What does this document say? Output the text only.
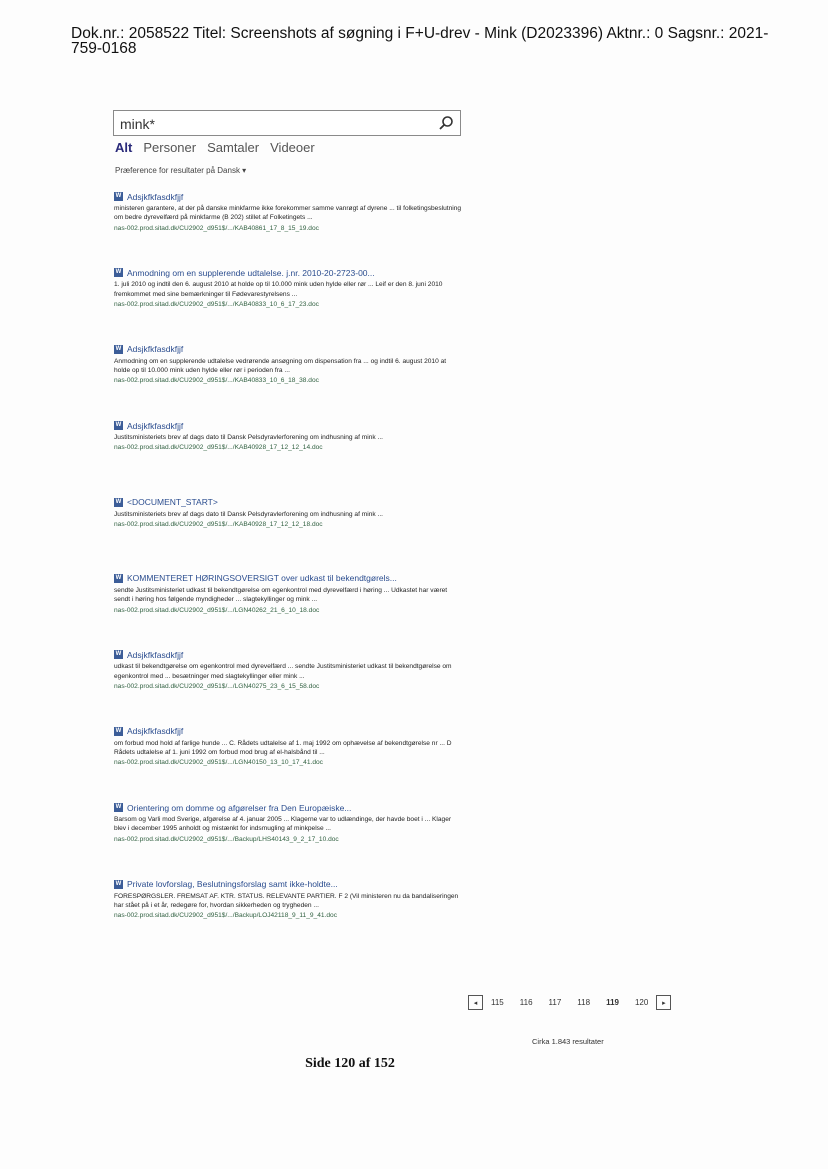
Dok.nr.: 2058522 Titel: Screenshots af søgning i F+U-drev - Mink (D2023396) Aktnr.: 0 Sagsnr.: 2021-759-0168
mink*
Alt Personer Samtaler Videoer
Præference for resultater på Dansk ▾
W Adsjkfkfasdkfjjf
ministeren garantere, at der på danske minkfarme ikke forekommer samme vanrøgt af dyrene ... til folketingsbeslutning om bedre dyrevelfærd på minkfarme (B 202) stillet af Folketingets ...
nas-002.prod.sitad.dk/CU2902_d951$/.../KAB40861_17_8_15_19.doc
W Anmodning om en supplerende udtalelse. j.nr. 2010-20-2723-00...
1. juli 2010 og indtil den 6. august 2010 at holde op til 10.000 mink uden hylde eller rør ... Leif er den 8. juni 2010 fremkommet med sine bemærkninger til Fødevarestyrelsens ...
nas-002.prod.sitad.dk/CU2902_d951$/.../KAB40833_10_6_17_23.doc
W Adsjkfkfasdkfjjf
Anmodning om en supplerende udtalelse vedrørende ansøgning om dispensation fra ... og indtil 6. august 2010 at holde op til 10.000 mink uden hylde eller rør i perioden fra ...
nas-002.prod.sitad.dk/CU2902_d951$/.../KAB40833_10_6_18_38.doc
W Adsjkfkfasdkfjjf
Justitsministeriets brev af dags dato til Dansk Pelsdyravlerforening om indhusning af mink ...
nas-002.prod.sitad.dk/CU2902_d951$/.../KAB40928_17_12_12_14.doc
W <DOCUMENT_START>
Justitsministeriets brev af dags dato til Dansk Pelsdyravlerforening om indhusning af mink ...
nas-002.prod.sitad.dk/CU2902_d951$/.../KAB40928_17_12_12_18.doc
W KOMMENTERET HØRINGSOVERSIGT over udkast til bekendtgørels...
sendte Justitsministeriet udkast til bekendtgørelse om egenkontrol med dyrevelfærd i høring ... Udkastet har været sendt i høring hos følgende myndigheder ... slagtekyllinger og mink ...
nas-002.prod.sitad.dk/CU2902_d951$/.../LGN40262_21_6_10_18.doc
W Adsjkfkfasdkfjjf
udkast til bekendtgørelse om egenkontrol med dyrevelfærd ... sendte Justitsministeriet udkast til bekendtgørelse om egenkontrol med ... besætninger med slagtekyllinger eller mink ...
nas-002.prod.sitad.dk/CU2902_d951$/.../LGN40275_23_6_15_58.doc
W Adsjkfkfasdkfjjf
om forbud mod hold af farlige hunde ... C. Rådets udtalelse af 1. maj 1992 om ophævelse af bekendtgørelse nr ... D Rådets udtalelse af 1. juni 1992 om forbud mod brug af el-halsbånd til ...
nas-002.prod.sitad.dk/CU2902_d951$/.../LGN40150_13_10_17_41.doc
W Orientering om domme og afgørelser fra Den Europæiske...
Barsom og Varli mod Sverige, afgørelse af 4. januar 2005 ... Klagerne var to udlændinge, der havde boet i ... Klager blev i december 1995 anholdt og mistænkt for indsmugling af minkpelse ...
nas-002.prod.sitad.dk/CU2902_d951$/.../Backup/LHS40143_9_2_17_10.doc
W Private lovforslag, Beslutningsforslag samt ikke-holdte...
FORESPØRGSLER. FREMSAT AF. KTR. STATUS. RELEVANTE PARTIER. F 2 (Vil ministeren nu da bandaliseringen har stået på i et år, redegøre for, hvordan sikkerheden og trygheden ...
nas-002.prod.sitad.dk/CU2902_d951$/.../Backup/LOJ42118_9_11_9_41.doc
◂ 115 116 117 118 119 120 ▸
Cirka 1.843 resultater
Side 120 af 152
